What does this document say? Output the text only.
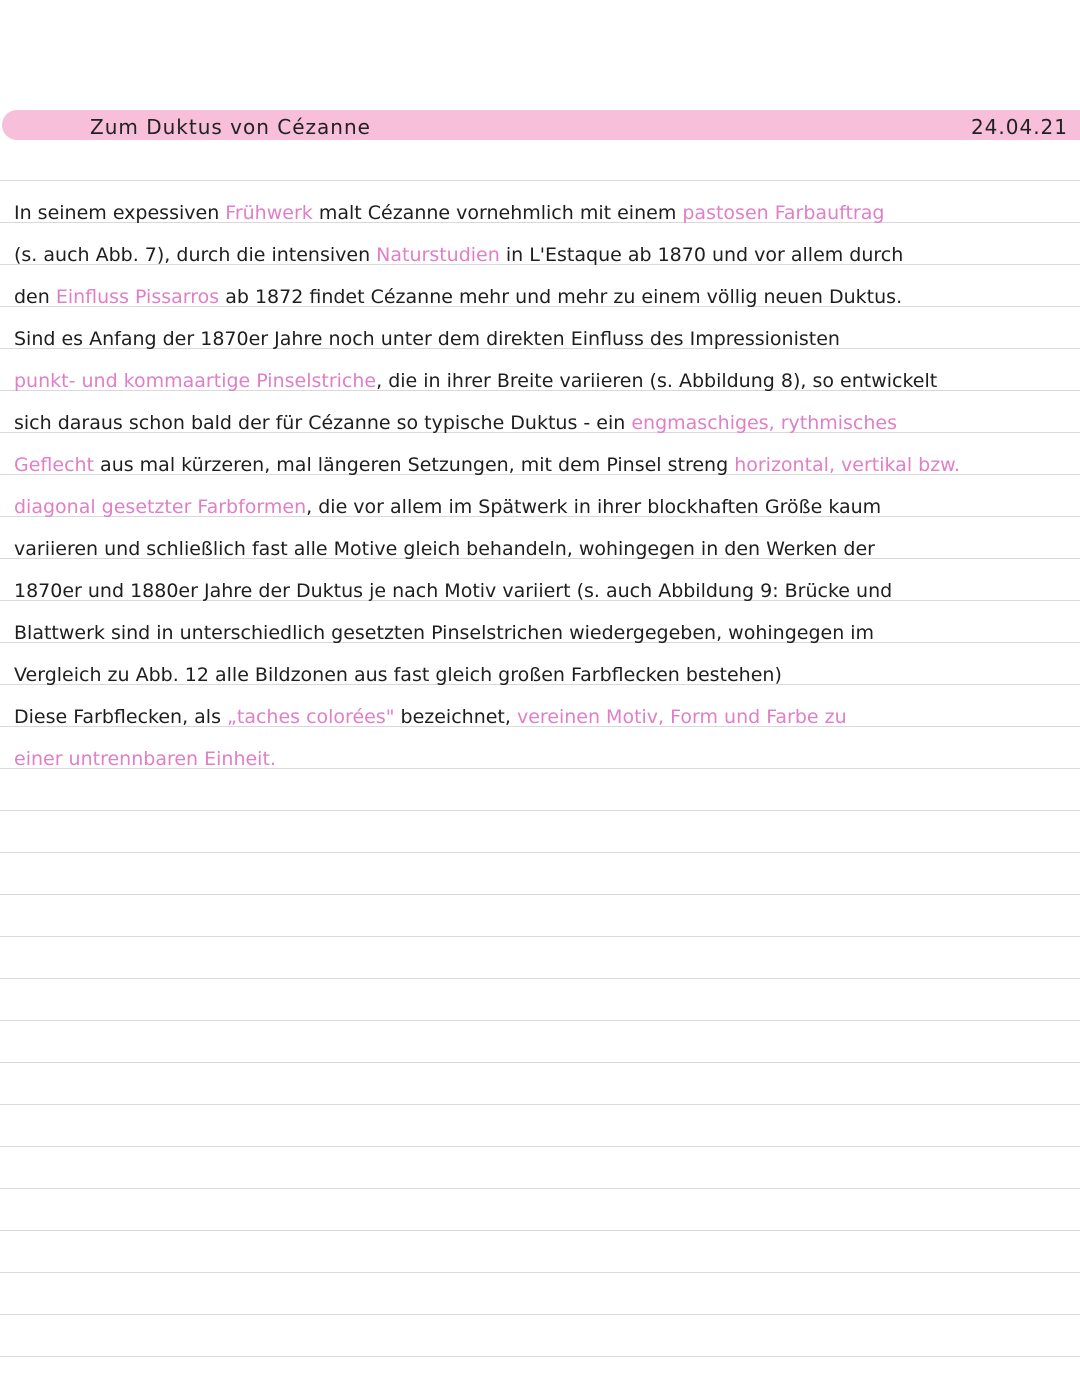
Zum Duktus von Cézanne	24.04.21
In seinem expessiven Frühwerk malt Cézanne vornehmlich mit einem pastosen Farbauftrag
(s. auch Abb. 7), durch die intensiven Naturstudien in L'Estaque ab 1870 und vor allem durch
den Einfluss Pissarros ab 1872 findet Cézanne mehr und mehr zu einem völlig neuen Duktus.
Sind es Anfang der 1870er Jahre noch unter dem direkten Einfluss des Impressionisten
punkt- und kommaartige Pinselstriche, die in ihrer Breite variieren (s. Abbildung 8), so entwickelt
sich daraus schon bald der für Cézanne so typische Duktus - ein engmaschiges, rythmisches
Geflecht aus mal kürzeren, mal längeren Setzungen, mit dem Pinsel streng horizontal, vertikal bzw.
diagonal gesetzter Farbformen, die vor allem im Spätwerk in ihrer blockhaften Größe kaum
variieren und schließlich fast alle Motive gleich behandeln, wohingegen in den Werken der
1870er und 1880er Jahre der Duktus je nach Motiv variiert (s. auch Abbildung 9: Brücke und
Blattwerk sind in unterschiedlich gesetzten Pinselstrichen wiedergegeben, wohingegen im
Vergleich zu Abb. 12 alle Bildzonen aus fast gleich großen Farbflecken bestehen)
Diese Farbflecken, als „taches colorées" bezeichnet, vereinen Motiv, Form und Farbe zu
einer untrennbaren Einheit.
